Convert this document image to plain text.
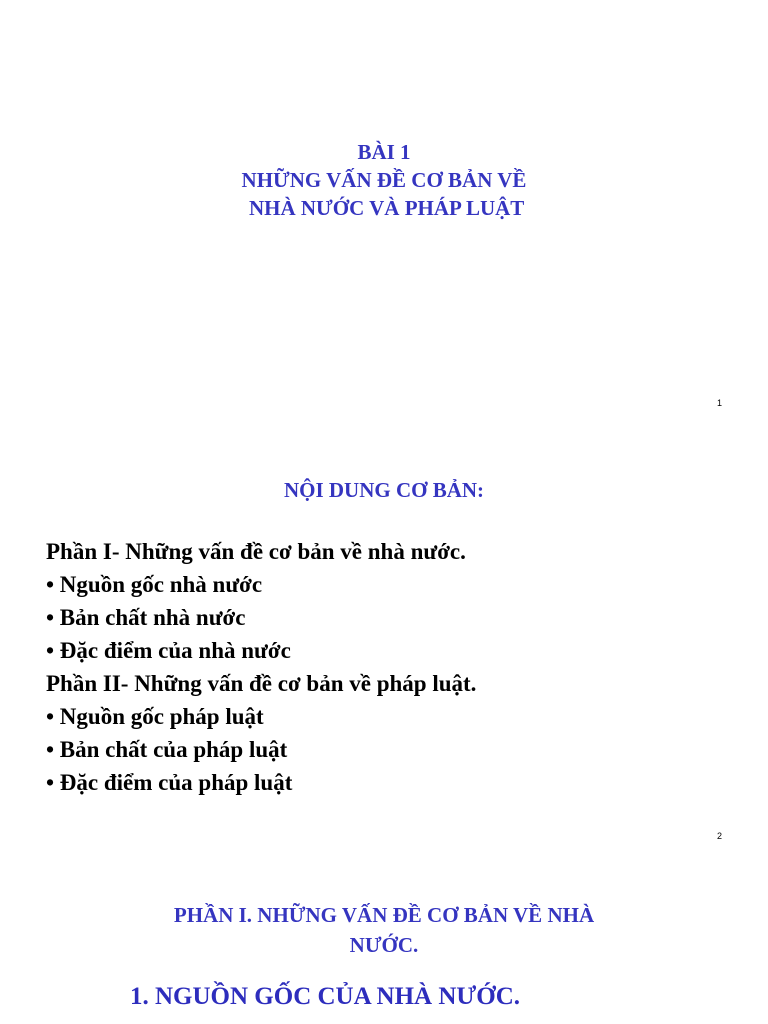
BÀI 1
NHỮNG VẤN ĐỀ CƠ BẢN VỀ
NHÀ NƯỚC VÀ PHÁP LUẬT
1
NỘI DUNG CƠ BẢN:
Phần I- Những vấn đề cơ bản về nhà nước.
• Nguồn gốc nhà nước
• Bản chất nhà nước
• Đặc điểm của nhà nước
Phần II- Những vấn đề cơ bản về pháp luật.
• Nguồn gốc pháp luật
• Bản chất của pháp luật
• Đặc điểm của pháp luật
2
PHẦN I. NHỮNG VẤN ĐỀ CƠ BẢN VỀ NHÀ
NƯỚC.
1. NGUỒN GỐC CỦA NHÀ NƯỚC.
